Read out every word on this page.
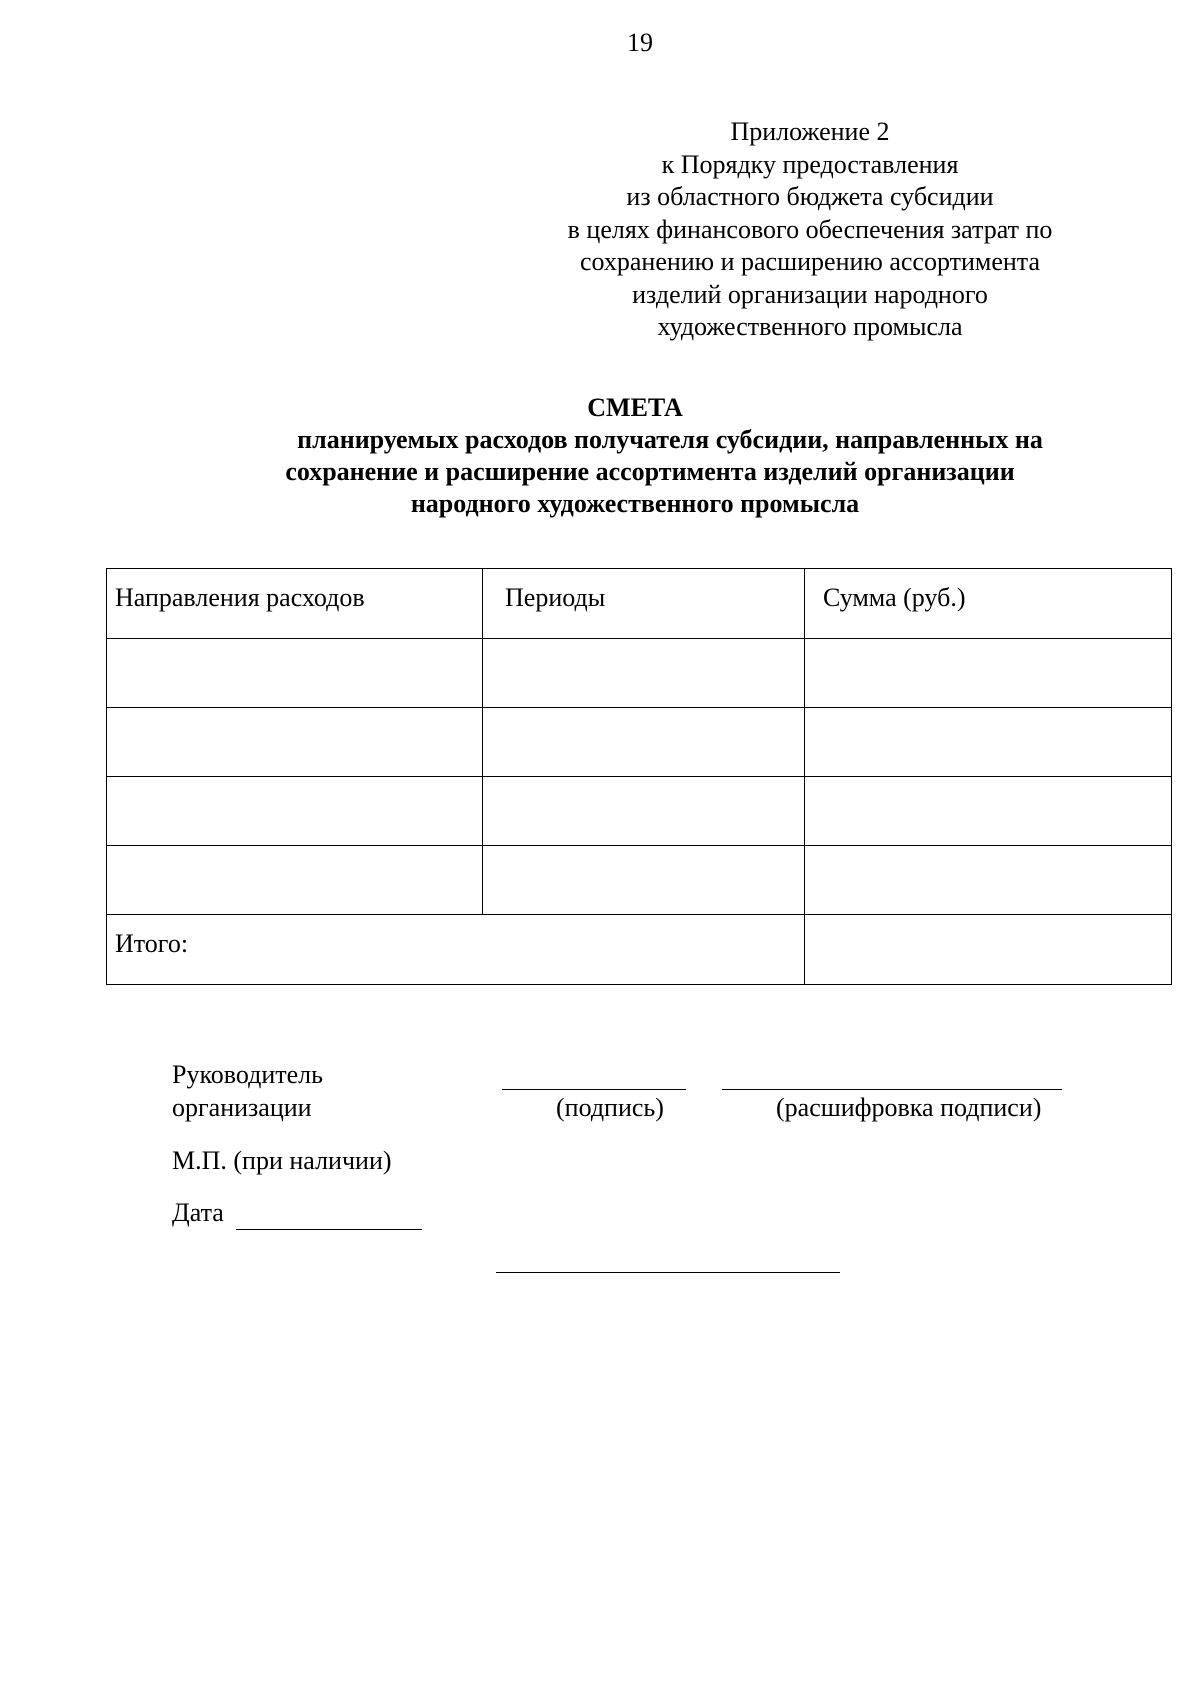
19
Приложение 2
к Порядку предоставления
из областного бюджета субсидии
в целях финансового обеспечения затрат по
сохранению и расширению ассортимента
изделий организации народного
художественного промысла
СМЕТА
планируемых расходов получателя субсидии, направленных на
сохранение и расширение ассортимента изделий организации
народного художественного промысла
Направления расходов	Периоды	Сумма (руб.)

Итого:		
Руководитель
организации	(подпись)	(расшифровка подписи)
М.П. (при наличии)
Дата
